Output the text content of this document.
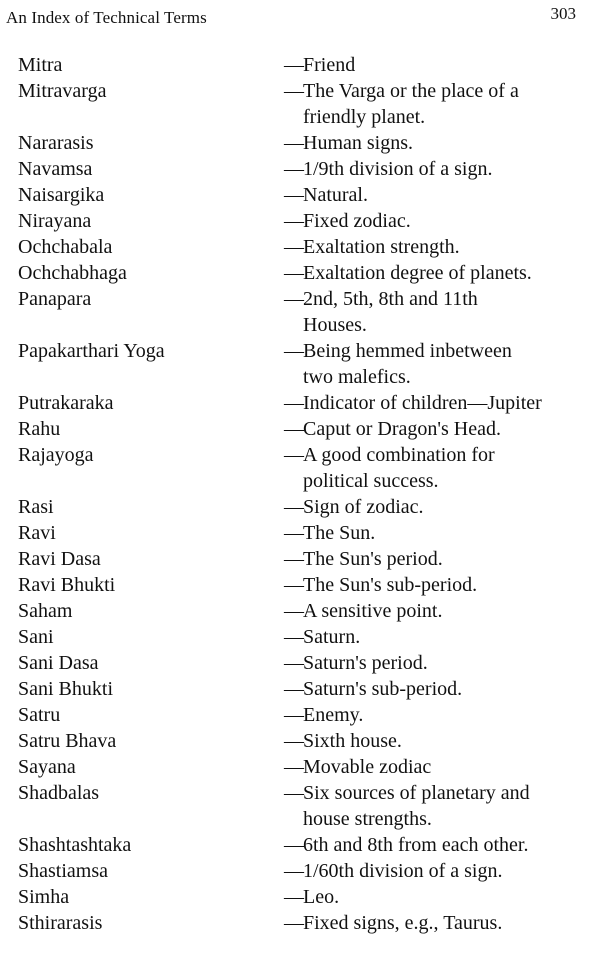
An Index of Technical Terms	303
Mitra	— Friend
Mitravarga	— The Varga or the place of a
friendly planet.
Nararasis	— Human signs.
Navamsa	— 1/9th division of a sign.
Naisargika	— Natural.
Nirayana	— Fixed zodiac.
Ochchabala	— Exaltation strength.
Ochchabhaga	— Exaltation degree of planets.
Panapara	— 2nd, 5th, 8th and 11th
Houses.
Papakarthari Yoga	— Being hemmed inbetween
two malefics.
Putrakaraka	— Indicator of children—Jupiter
Rahu	— Caput or Dragon's Head.
Rajayoga	— A good combination for
political success.
Rasi	— Sign of zodiac.
Ravi	— The Sun.
Ravi Dasa	— The Sun's period.
Ravi Bhukti	— The Sun's sub-period.
Saham	— A sensitive point.
Sani	— Saturn.
Sani Dasa	— Saturn's period.
Sani Bhukti	— Saturn's sub-period.
Satru	— Enemy.
Satru Bhava	— Sixth house.
Sayana	— Movable zodiac
Shadbalas	— Six sources of planetary and
house strengths.
Shashtashtaka	— 6th and 8th from each other.
Shastiamsa	— 1/60th division of a sign.
Simha	— Leo.
Sthirarasis	— Fixed signs, e.g., Taurus.
